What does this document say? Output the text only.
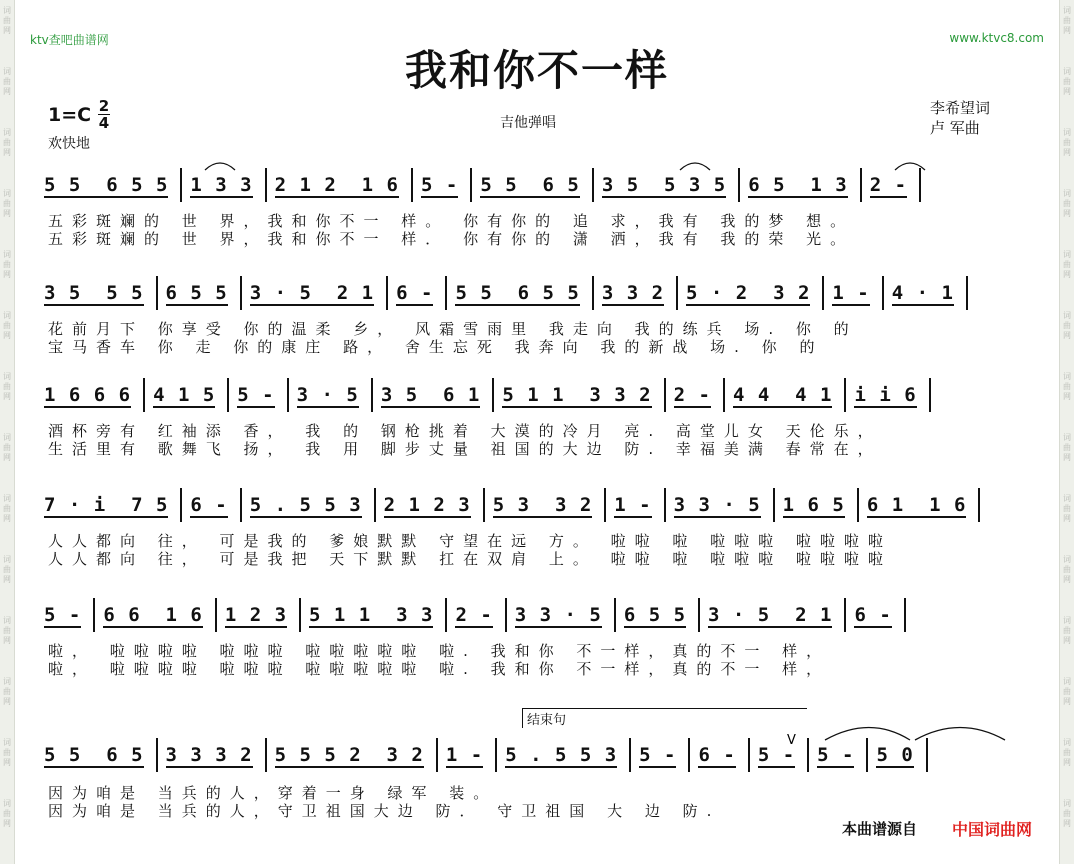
ktv查吧曲谱网	www.ktvc8.com
我和你不一样
1=C 2
4
欢快地
吉他弹唱
李希望词
卢 军曲
5 5  6 5 5 1 3 3 2 1 2  1 6 5 - 5 5  6 5 3 5  5 3 5 6 5  1 3 2 -
五彩斑斓的 世 界，我和你不一 样。 你有你的 追 求，我有 我的梦 想。
五彩斑斓的 世 界，我和你不一 样． 你有你的 潇 洒，我有 我的荣 光。
3 5  5 5 6 5 5 3 · 5  2 1 6 - 5 5  6 5 5 3 3 2 5 · 2  3 2 1 - 4 · 1
花前月下 你享受 你的温柔 乡， 风霜雪雨里 我走向 我的练兵 场. 你 的
宝马香车 你 走 你的康庄 路， 舍生忘死 我奔向 我的新战 场. 你 的
1 6 6 6 4 1 5 5 - 3 · 5 3 5  6 1 5 1 1  3 3 2 2 - 4 4  4 1 i i 6
酒杯旁有 红袖添 香， 我 的 钢枪挑着 大漠的冷月 亮. 高堂儿女 天伦乐，
生活里有 歌舞飞 扬， 我 用 脚步丈量 祖国的大边 防. 幸福美满 春常在，
7 · i  7 5 6 - 5 . 5 5 3 2 1 2 3 5 3  3 2 1 - 3 3 · 5 1 6 5 6 1  1 6
人人都向 往， 可是我的 爹娘默默 守望在远 方。 啦啦 啦 啦啦啦 啦啦啦啦
人人都向 往， 可是我把 天下默默 扛在双肩 上。 啦啦 啦 啦啦啦 啦啦啦啦
5 - 6 6  1 6 1 2 3 5 1 1  3 3 2 - 3 3 · 5 6 5 5 3 · 5  2 1 6 -
啦， 啦啦啦啦 啦啦啦 啦啦啦啦啦 啦. 我和你 不一样，真的不一 样，
啦， 啦啦啦啦 啦啦啦 啦啦啦啦啦 啦. 我和你 不一样，真的不一 样，
5 5  6 5 3 3 3 2 5 5 5 2  3 2 1 - 5 . 5 5 3 5 - 6 - 5 - 5 - 5 0
因为咱是 当兵的人，穿着一身 绿军 装。
因为咱是 当兵的人，守卫祖国大边 防． 守卫祖国 大 边 防.
结束句
V
本曲谱源自 中国词曲网
词
曲
网
词
曲
网
词
曲
网
词
曲
网
词
曲
网
词
曲
网
词
曲
网
词
曲
网
词
曲
网
词
曲
网
词
曲
网
词
曲
网
词
曲
网
词
曲
网
词
曲
网
词
曲
网
词
曲
网
词
曲
网
词
曲
网
词
曲
网
词
曲
网
词
曲
网
词
曲
网
词
曲
网
词
曲
网
词
曲
网
词
曲
网
词
曲
网
